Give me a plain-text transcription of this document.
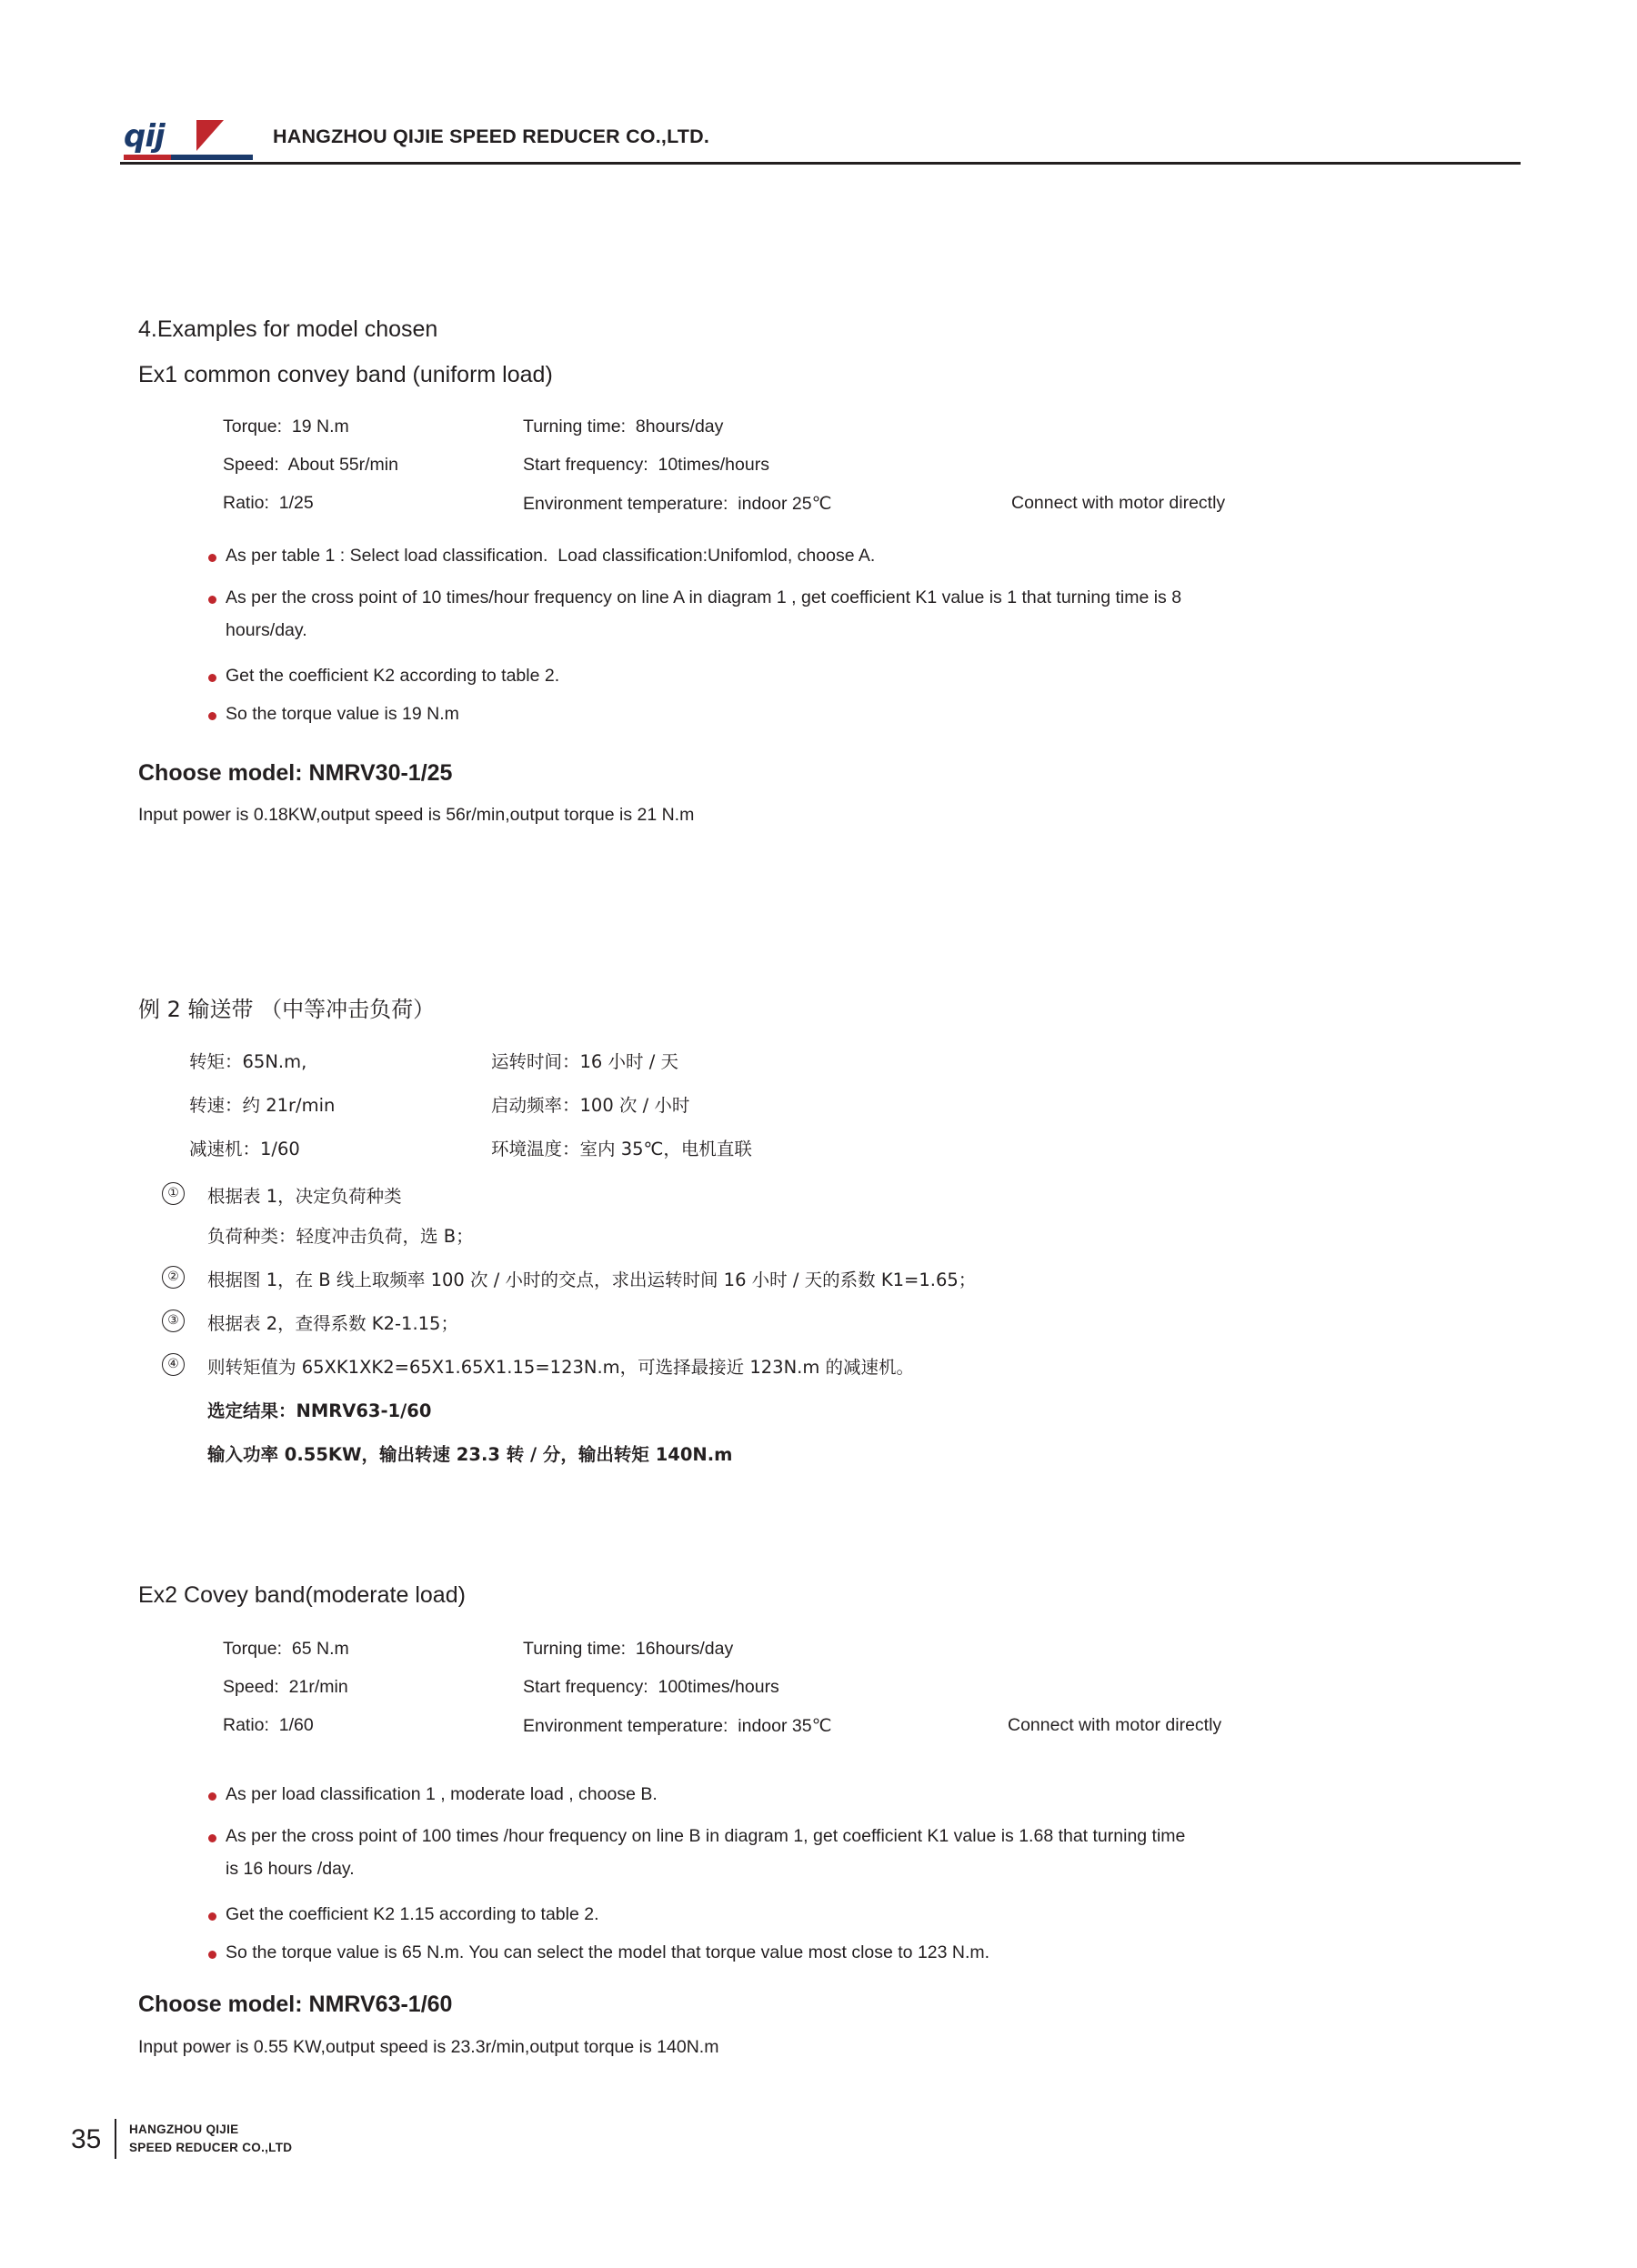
qij	HANGZHOU QIJIE SPEED REDUCER CO.,LTD.
4.Examples for model chosen
Ex1 common convey band (uniform load)
Torque:  19 N.m	Turning time:  8hours/day
Speed:  About 55r/min	Start frequency:  10times/hours
Ratio:  1/25	Environment temperature:  indoor 25℃	Connect with motor directly
As per table 1 : Select load classification.  Load classification:Unifomlod, choose A.
As per the cross point of 10 times/hour frequency on line A in diagram 1 , get coefficient K1 value is 1 that turning time is 8
hours/day.
Get the coefficient K2 according to table 2.
So the torque value is 19 N.m
Choose model: NMRV30-1/25
Input power is 0.18KW,output speed is 56r/min,output torque is 21 N.m
例 2 输送带 （中等冲击负荷）
转矩：65N.m,	运转时间：16 小时 / 天
转速：约 21r/min	启动频率：100 次 / 小时
减速机：1/60	环境温度：室内 35℃，电机直联
①	根据表 1，决定负荷种类
负荷种类：轻度冲击负荷，选 B；
②	根据图 1，在 B 线上取频率 100 次 / 小时的交点，求出运转时间 16 小时 / 天的系数 K1=1.65；
③	根据表 2，查得系数 K2-1.15；
④	则转矩值为 65XK1XK2=65X1.65X1.15=123N.m，可选择最接近 123N.m 的减速机。
选定结果：NMRV63-1/60
输入功率 0.55KW，输出转速 23.3 转 / 分，输出转矩 140N.m
Ex2 Covey band(moderate load)
Torque:  65 N.m	Turning time:  16hours/day
Speed:  21r/min	Start frequency:  100times/hours
Ratio:  1/60	Environment temperature:  indoor 35℃	Connect with motor directly
As per load classification 1 , moderate load , choose B.
As per the cross point of 100 times /hour frequency on line B in diagram 1, get coefficient K1 value is 1.68 that turning time
is 16 hours /day.
Get the coefficient K2 1.15 according to table 2.
So the torque value is 65 N.m. You can select the model that torque value most close to 123 N.m.
Choose model: NMRV63-1/60
Input power is 0.55 KW,output speed is 23.3r/min,output torque is 140N.m
35 HANGZHOU QIJIE
SPEED REDUCER CO.,LTD
